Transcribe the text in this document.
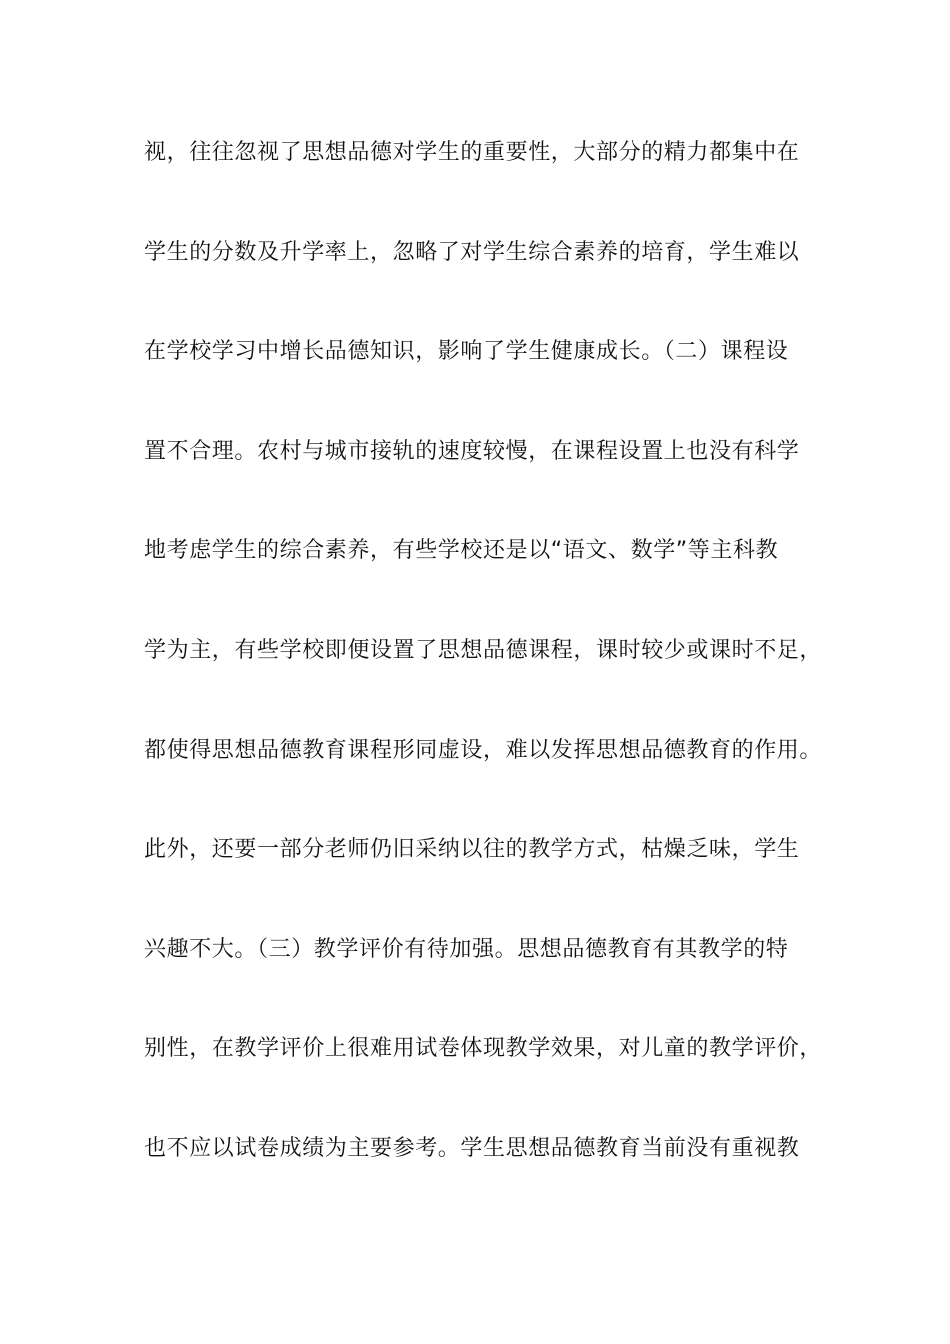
视，往往忽视了思想品德对学生的重要性，大部分的精力都集中在
学生的分数及升学率上，忽略了对学生综合素养的培育，学生难以
在学校学习中增长品德知识，影响了学生健康成长。（二）课程设
置不合理。农村与城市接轨的速度较慢，在课程设置上也没有科学
地考虑学生的综合素养，有些学校还是以“语文、数学”等主科教
学为主，有些学校即便设置了思想品德课程，课时较少或课时不足，
都使得思想品德教育课程形同虚设，难以发挥思想品德教育的作用。
此外，还要一部分老师仍旧采纳以往的教学方式，枯燥乏味，学生
兴趣不大。（三）教学评价有待加强。思想品德教育有其教学的特
别性，在教学评价上很难用试卷体现教学效果，对儿童的教学评价，
也不应以试卷成绩为主要参考。学生思想品德教育当前没有重视教
